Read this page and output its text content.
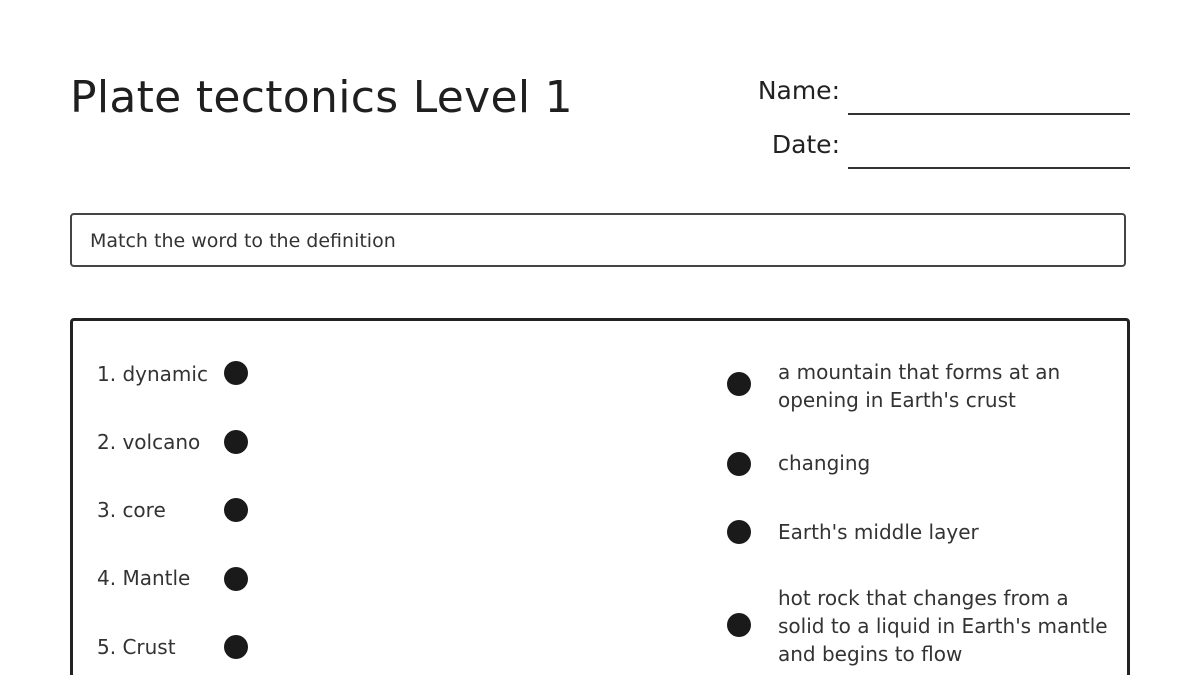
Plate tectonics Level 1	Name:
Date:
Match the word to the definition
1. dynamic
2. volcano
3. core
4. Mantle
5. Crust
a mountain that forms at an opening in Earth's crust
changing
Earth's middle layer
hot rock that changes from a solid to a liquid in Earth's mantle and begins to flow
